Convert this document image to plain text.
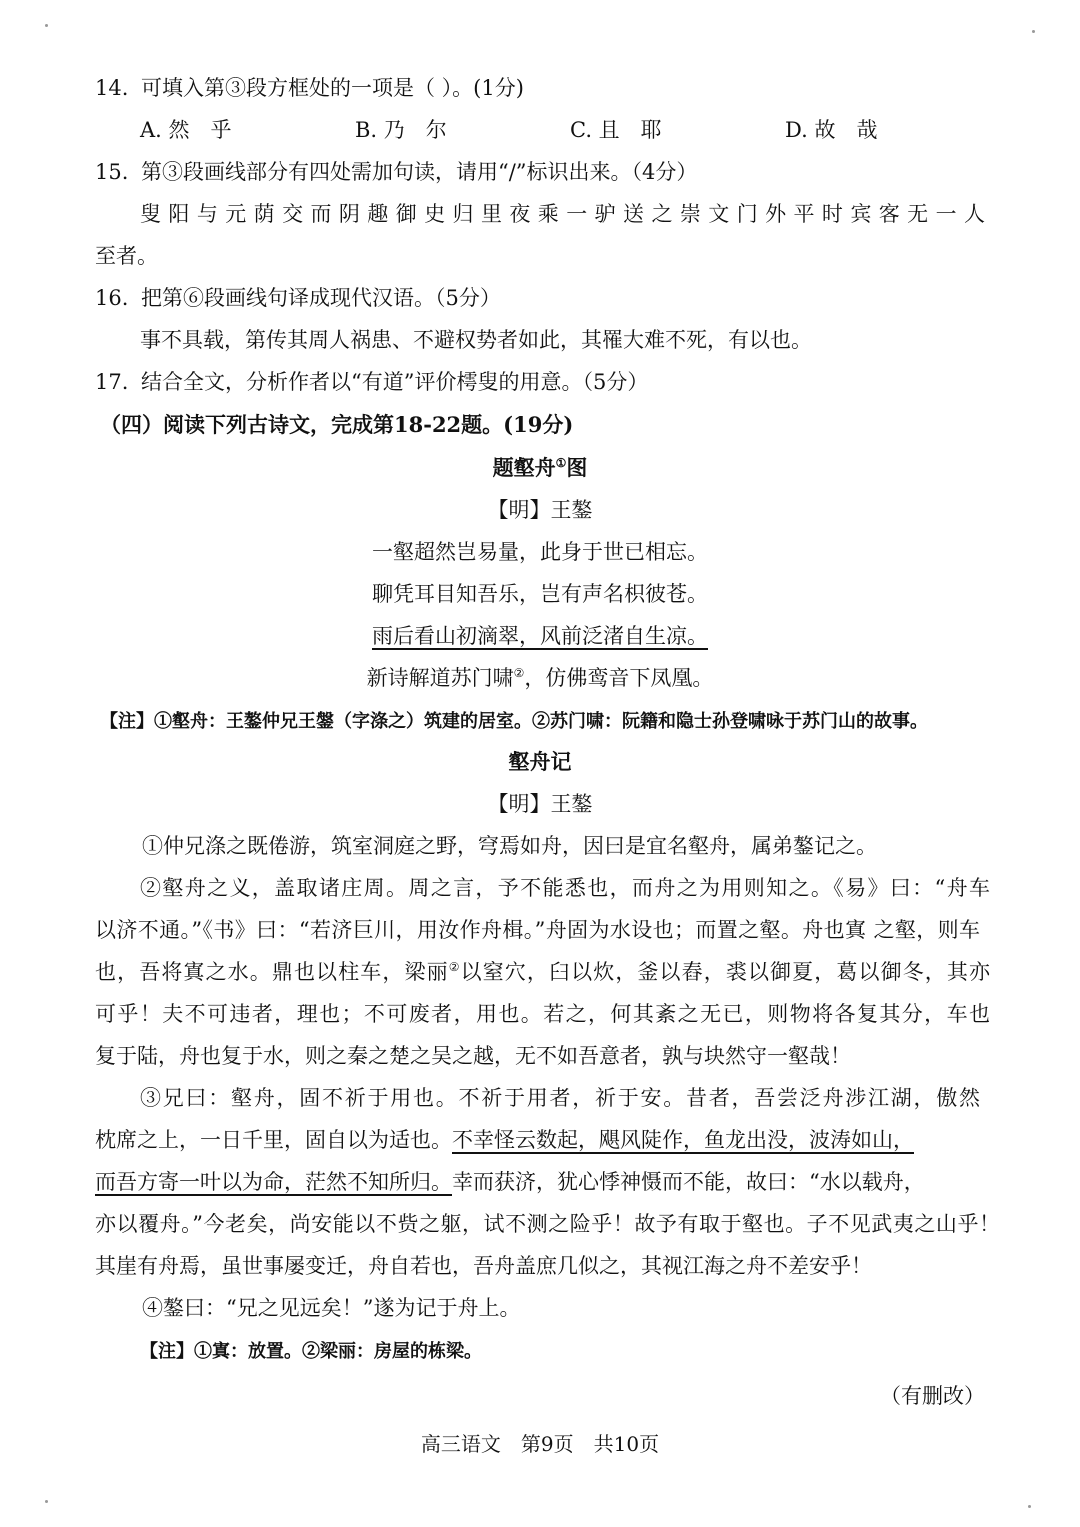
14. 可填入第③段方框处的一项是（ ）。(1分)
A. 然　乎	B. 乃　尔	C. 且　耶	D. 故　哉
15. 第③段画线部分有四处需加句读，请用“/”标识出来。（4分）
叟阳与元荫交而阴趣御史归里夜乘一驴送之崇文门外平时宾客无一人
至者。
16. 把第⑥段画线句译成现代汉语。（5分）
事不具载，第传其周人祸患、不避权势者如此，其罹大难不死，有以也。
17. 结合全文，分析作者以“有道”评价樗叟的用意。（5分）
（四）阅读下列古诗文，完成第18-22题。(19分)
题壑舟①图
【明】王鏊
一壑超然岂易量，此身于世已相忘。
聊凭耳目知吾乐，岂有声名枳彼苍。
雨后看山初滴翠，风前泛渚自生凉。
新诗解道苏门啸②，仿佛鸾音下凤凰。
【注】①壑舟：王鏊仲兄王鎜（字涤之）筑建的居室。②苏门啸：阮籍和隐士孙登啸咏于苏门山的故事。
壑舟记
【明】王鏊
①仲兄涤之既倦游，筑室洞庭之野，穹焉如舟，因曰是宜名壑舟，属弟鏊记之。
②壑舟之义，盖取诸庄周。周之言，予不能悉也，而舟之为用则知之。《易》曰：“舟车
以济不通。”《书》曰：“若济巨川，用汝作舟楫。”舟固为水设也；而置之壑。舟也寘 之壑，则车
也，吾将寘之水。鼎也以柱车，梁丽②以窒穴，臼以炊，釜以舂，裘以御夏，葛以御冬，其亦
可乎！夫不可违者，理也；不可废者，用也。若之，何其紊之无已，则物将各复其分，车也
复于陆，舟也复于水，则之秦之楚之吴之越，无不如吾意者，孰与块然守一壑哉！
③兄曰：壑舟，固不祈于用也。不祈于用者，祈于安。昔者，吾尝泛舟涉江湖，傲然
枕席之上，一日千里，固自以为适也。不幸怪云数起，飓风陡作，鱼龙出没，波涛如山，
而吾方寄一叶以为命，茫然不知所归。幸而获济，犹心悸神慑而不能，故曰：“水以载舟，
亦以覆舟。”今老矣，尚安能以不赀之躯，试不测之险乎！故予有取于壑也。子不见武夷之山乎！
其崖有舟焉，虽世事屡变迁，舟自若也，吾舟盖庶几似之，其视江海之舟不差安乎！
④鏊曰：“兄之见远矣！”遂为记于舟上。
【注】①寘：放置。②梁丽：房屋的栋梁。
（有删改）
高三语文　第9页　共10页
